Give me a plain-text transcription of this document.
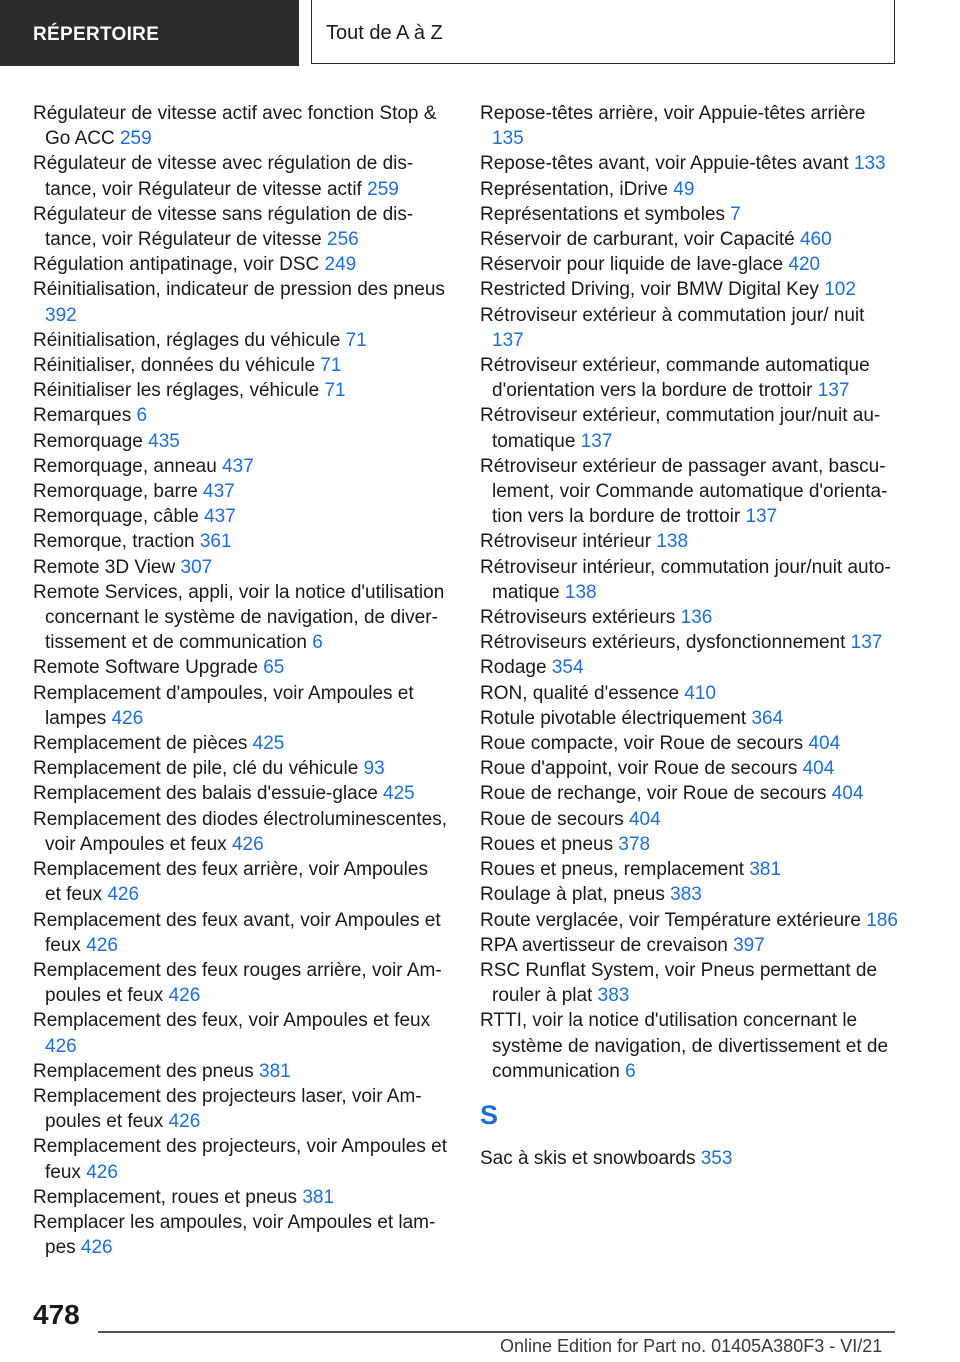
RÉPERTOIRE	Tout de A à Z
Régulateur de vitesse actif avec fonction Stop & Go ACC 259
Régulateur de vitesse avec régulation de distance, voir Régulateur de vitesse actif 259
Régulateur de vitesse sans régulation de distance, voir Régulateur de vitesse 256
Régulation antipatinage, voir DSC 249
Réinitialisation, indicateur de pression des pneus 392
Réinitialisation, réglages du véhicule 71
Réinitialiser, données du véhicule 71
Réinitialiser les réglages, véhicule 71
Remarques 6
Remorquage 435
Remorquage, anneau 437
Remorquage, barre 437
Remorquage, câble 437
Remorque, traction 361
Remote 3D View 307
Remote Services, appli, voir la notice d'utilisation concernant le système de navigation, de divertissement et de communication 6
Remote Software Upgrade 65
Remplacement d'ampoules, voir Ampoules et lampes 426
Remplacement de pièces 425
Remplacement de pile, clé du véhicule 93
Remplacement des balais d'essuie-glace 425
Remplacement des diodes électroluminescentes, voir Ampoules et feux 426
Remplacement des feux arrière, voir Ampoules et feux 426
Remplacement des feux avant, voir Ampoules et feux 426
Remplacement des feux rouges arrière, voir Ampoules et feux 426
Remplacement des feux, voir Ampoules et feux 426
Remplacement des pneus 381
Remplacement des projecteurs laser, voir Ampoules et feux 426
Remplacement des projecteurs, voir Ampoules et feux 426
Remplacement, roues et pneus 381
Remplacer les ampoules, voir Ampoules et lampes 426
Repose-têtes arrière, voir Appuie-têtes arrière 135
Repose-têtes avant, voir Appuie-têtes avant 133
Représentation, iDrive 49
Représentations et symboles 7
Réservoir de carburant, voir Capacité 460
Réservoir pour liquide de lave-glace 420
Restricted Driving, voir BMW Digital Key 102
Rétroviseur extérieur à commutation jour/ nuit 137
Rétroviseur extérieur, commande automatique d'orientation vers la bordure de trottoir 137
Rétroviseur extérieur, commutation jour/nuit automatique 137
Rétroviseur extérieur de passager avant, basculement, voir Commande automatique d'orientation vers la bordure de trottoir 137
Rétroviseur intérieur 138
Rétroviseur intérieur, commutation jour/nuit automatique 138
Rétroviseurs extérieurs 136
Rétroviseurs extérieurs, dysfonctionnement 137
Rodage 354
RON, qualité d'essence 410
Rotule pivotable électriquement 364
Roue compacte, voir Roue de secours 404
Roue d'appoint, voir Roue de secours 404
Roue de rechange, voir Roue de secours 404
Roue de secours 404
Roues et pneus 378
Roues et pneus, remplacement 381
Roulage à plat, pneus 383
Route verglacée, voir Température extérieure 186
RPA avertisseur de crevaison 397
RSC Runflat System, voir Pneus permettant de rouler à plat 383
RTTI, voir la notice d'utilisation concernant le système de navigation, de divertissement et de communication 6
S
Sac à skis et snowboards 353
478
Online Edition for Part no. 01405A380F3 - VI/21
